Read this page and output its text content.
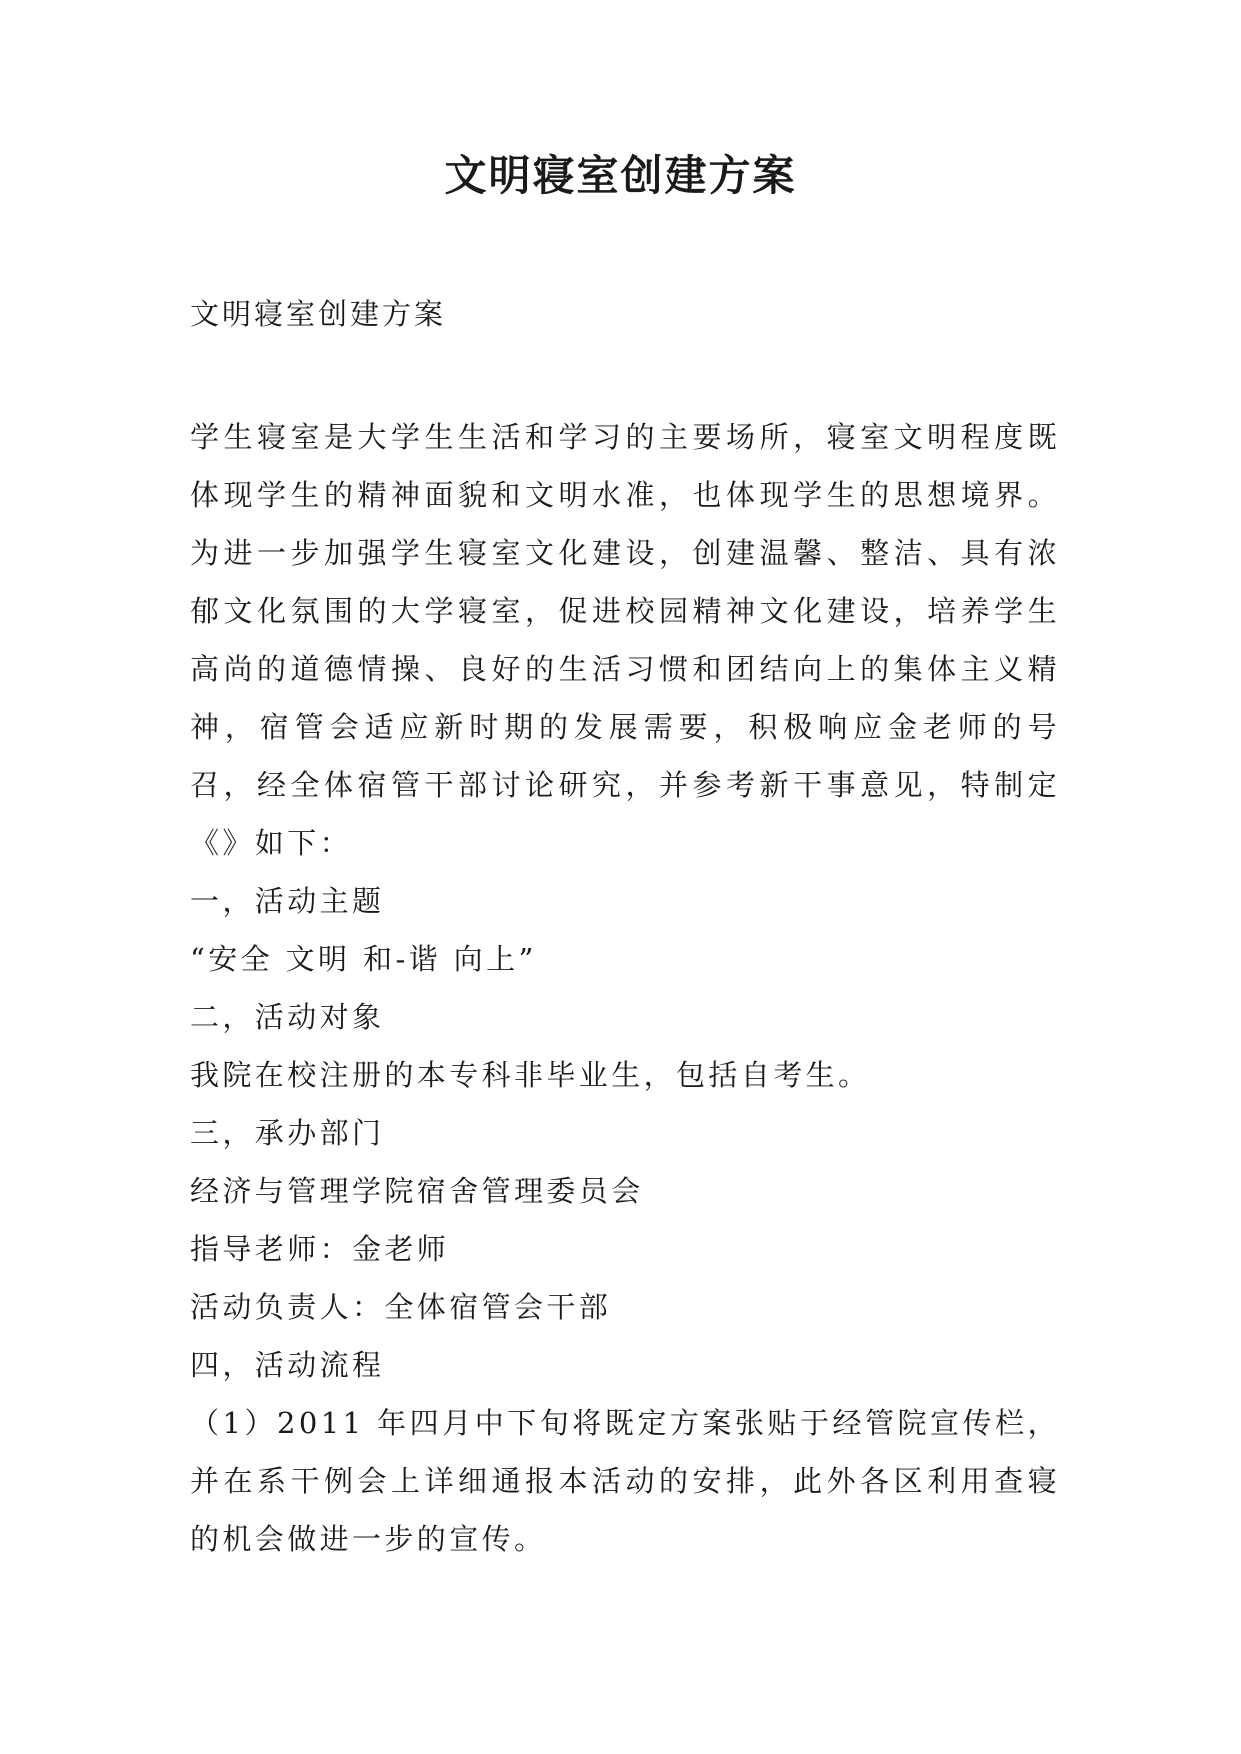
文明寝室创建方案
文明寝室创建方案

学生寝室是大学生生活和学习的主要场所，寝室文明程度既体现学生的精神面貌和文明水准，也体现学生的思想境界。为进一步加强学生寝室文化建设，创建温馨、整洁、具有浓郁文化氛围的大学寝室，促进校园精神文化建设，培养学生高尚的道德情操、良好的生活习惯和团结向上的集体主义精神，宿管会适应新时期的发展需要，积极响应金老师的号召，经全体宿管干部讨论研究，并参考新干事意见，特制定《》如下：

一，活动主题

“安全 文明 和-谐 向上”

二，活动对象

我院在校注册的本专科非毕业生，包括自考生。

三，承办部门

经济与管理学院宿舍管理委员会

指导老师：金老师

活动负责人：全体宿管会干部

四，活动流程

（1）2011 年四月中下旬将既定方案张贴于经管院宣传栏，并在系干例会上详细通报本活动的安排，此外各区利用查寝的机会做进一步的宣传。
